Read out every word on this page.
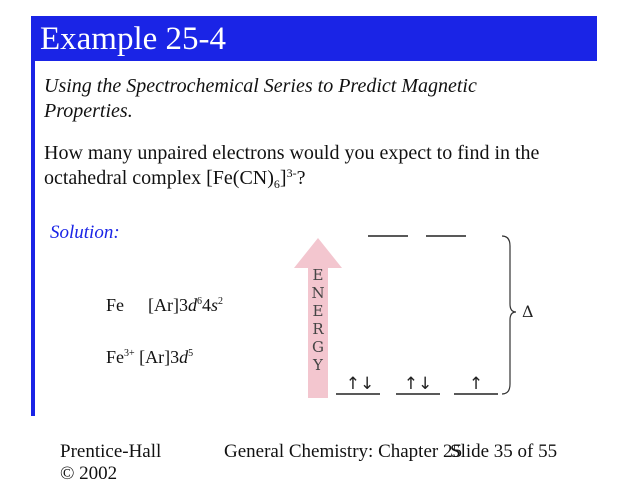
Example 25-4
Using the Spectrochemical Series to Predict Magnetic Properties.
How many unpaired electrons would you expect to find in the octahedral complex $[Fe(CN)_6]^{3-}$?
Solution:
Fe $[Ar]3d^64s^2$
$Fe^{3+}$ $[Ar]3d^5$
E
N
E
R
G
Y
↑↓ ↑↓ ↑
Δ
Prentice-Hall
© 2002
General Chemistry: Chapter 25
Slide 35 of 55
